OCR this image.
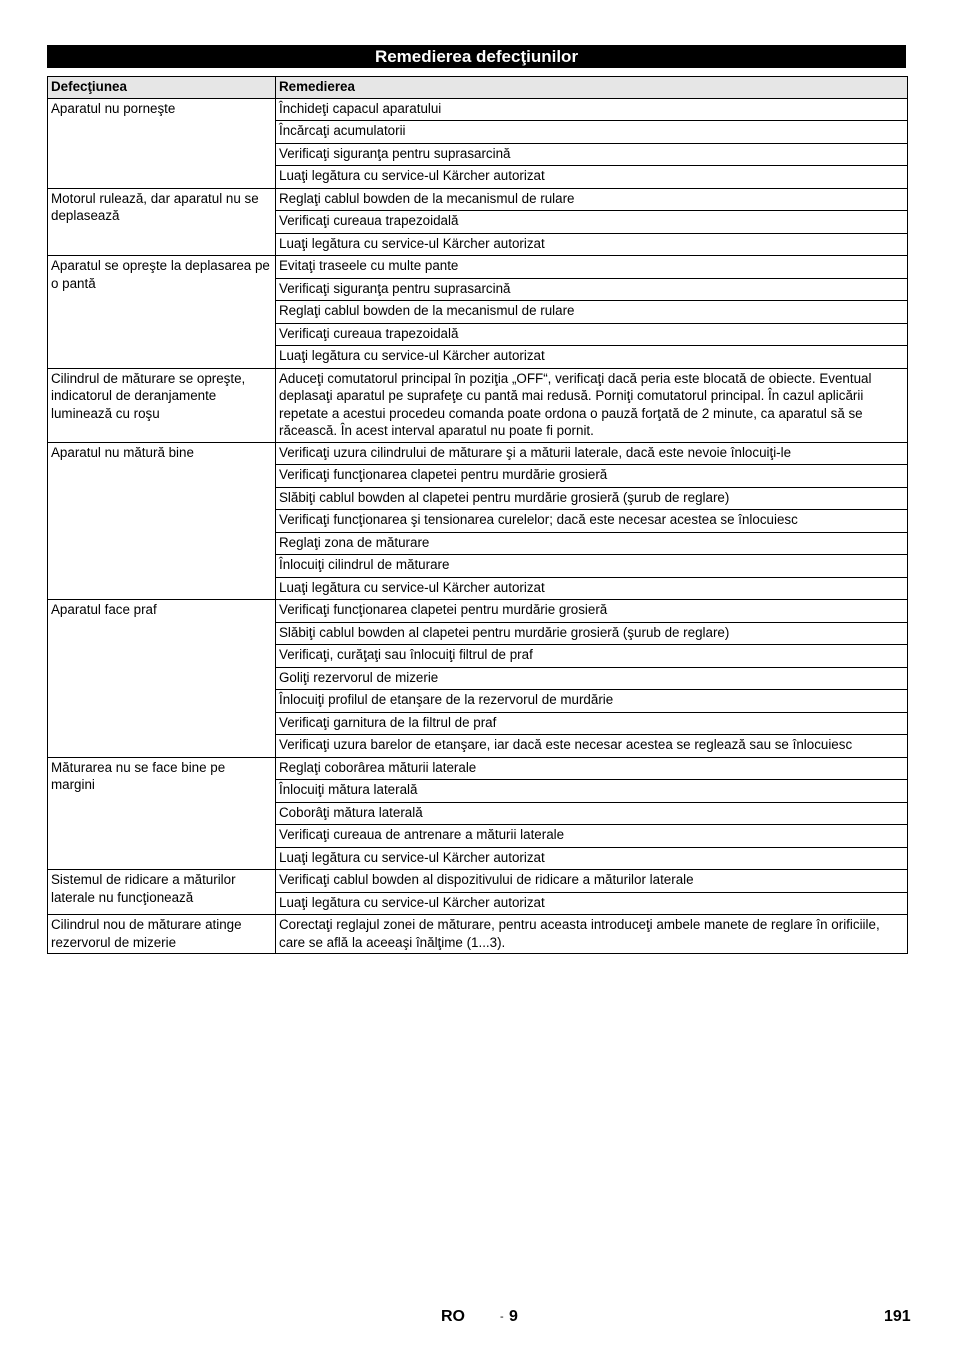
Remedierea defecţiunilor
Defecţiunea	Remedierea
Aparatul nu porneşte	Închideţi capacul aparatului
	Încărcaţi acumulatorii
	Verificaţi siguranţa pentru suprasarcină
	Luaţi legătura cu service-ul Kärcher autorizat
Motorul rulează, dar aparatul nu se deplasează	Reglaţi cablul bowden de la mecanismul de rulare
	Verificaţi cureaua trapezoidală
	Luaţi legătura cu service-ul Kärcher autorizat
Aparatul se opreşte la deplasarea pe o pantă	Evitaţi traseele cu multe pante
	Verificaţi siguranţa pentru suprasarcină
	Reglaţi cablul bowden de la mecanismul de rulare
	Verificaţi cureaua trapezoidală
	Luaţi legătura cu service-ul Kärcher autorizat
Cilindrul de măturare se opreşte, indicatorul de deranjamente luminează cu roşu	Aduceţi comutatorul principal în poziţia „OFF“, verificaţi dacă peria este blocată de obiecte. Eventual deplasaţi aparatul pe suprafeţe cu pantă mai redusă. Porniţi comutatorul principal. În cazul aplicării repetate a acestui procedeu comanda poate ordona o pauză forţată de 2 minute, ca aparatul să se răcească. În acest interval aparatul nu poate fi pornit.
Aparatul nu mătură bine	Verificaţi uzura cilindrului de măturare şi a măturii laterale, dacă este nevoie înlocuiţi-le
	Verificaţi funcţionarea clapetei pentru murdărie grosieră
	Slăbiţi cablul bowden al clapetei pentru murdărie grosieră (şurub de reglare)
	Verificaţi funcţionarea şi tensionarea curelelor; dacă este necesar acestea se înlocuiesc
	Reglaţi zona de măturare
	Înlocuiţi cilindrul de măturare
	Luaţi legătura cu service-ul Kärcher autorizat
Aparatul face praf	Verificaţi funcţionarea clapetei pentru murdărie grosieră
	Slăbiţi cablul bowden al clapetei pentru murdărie grosieră (şurub de reglare)
	Verificaţi, curăţaţi sau înlocuiţi filtrul de praf
	Goliţi rezervorul de mizerie
	Înlocuiţi profilul de etanşare de la rezervorul de murdărie
	Verificaţi garnitura de la filtrul de praf
	Verificaţi uzura barelor de etanşare, iar dacă este necesar acestea se reglează sau se înlocuiesc
Măturarea nu se face bine pe margini	Reglaţi coborârea măturii laterale
	Înlocuiţi mătura laterală
	Coborâţi mătura laterală
	Verificaţi cureaua de antrenare a măturii laterale
	Luaţi legătura cu service-ul Kärcher autorizat
Sistemul de ridicare a măturilor laterale nu funcţionează	Verificaţi cablul bowden al dispozitivului de ridicare a măturilor laterale
	Luaţi legătura cu service-ul Kärcher autorizat
Cilindrul nou de măturare atinge rezervorul de mizerie	Corectaţi reglajul zonei de măturare, pentru aceasta introduceţi ambele manete de reglare în orificiile, care se află la aceeaşi înălţime (1...3).
RO	- 9	191
